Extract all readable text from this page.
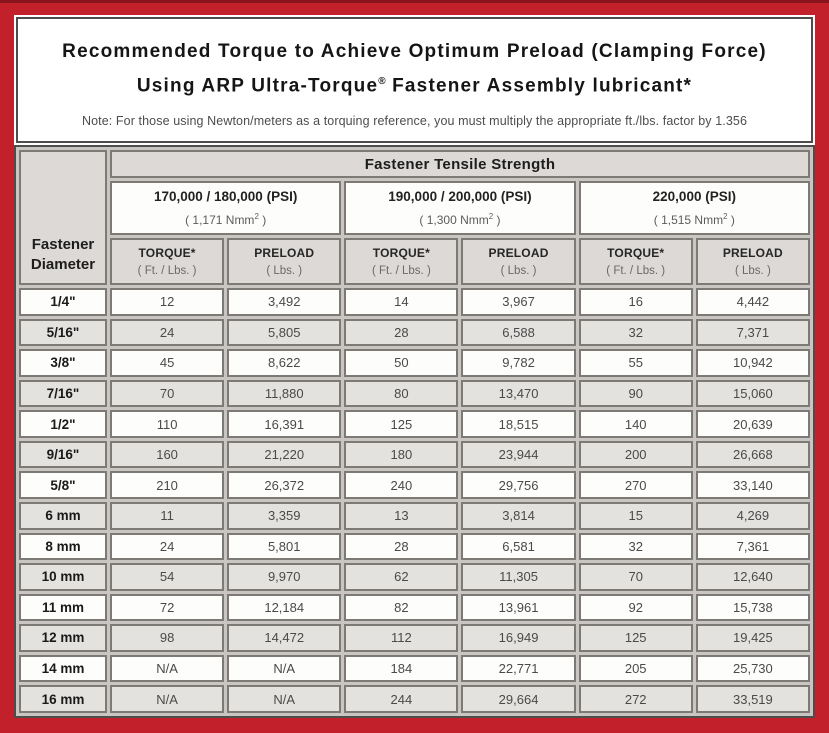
Recommended Torque to Achieve Optimum Preload (Clamping Force)
Using ARP Ultra-Torque® Fastener Assembly lubricant*
Note: For those using Newton/meters as a torquing reference, you must multiply the appropriate ft./lbs. factor by 1.356
Fastener
Diameter	Fastener Tensile Strength					

170,000 / 180,000 (PSI)
( 1,171 Nmm$^2$ )

190,000 / 200,000 (PSI)
( 1,300 Nmm$^2$ )

220,000 (PSI)
( 1,515 Nmm$^2$ )

TORQUE*
( Ft. / Lbs. )

PRELOAD
( Lbs. )

TORQUE*
( Ft. / Lbs. )

PRELOAD
( Lbs. )

TORQUE*
( Ft. / Lbs. )

PRELOAD
( Lbs. )

1/4"	12	3,492	14	3,967	16	4,442
5/16"	24	5,805	28	6,588	32	7,371
3/8"	45	8,622	50	9,782	55	10,942
7/16"	70	11,880	80	13,470	90	15,060
1/2"	110	16,391	125	18,515	140	20,639
9/16"	160	21,220	180	23,944	200	26,668
5/8"	210	26,372	240	29,756	270	33,140
6 mm	11	3,359	13	3,814	15	4,269
8 mm	24	5,801	28	6,581	32	7,361
10 mm	54	9,970	62	11,305	70	12,640
11 mm	72	12,184	82	13,961	92	15,738
12 mm	98	14,472	112	16,949	125	19,425
14 mm	N/A	N/A	184	22,771	205	25,730
16 mm	N/A	N/A	244	29,664	272	33,519
